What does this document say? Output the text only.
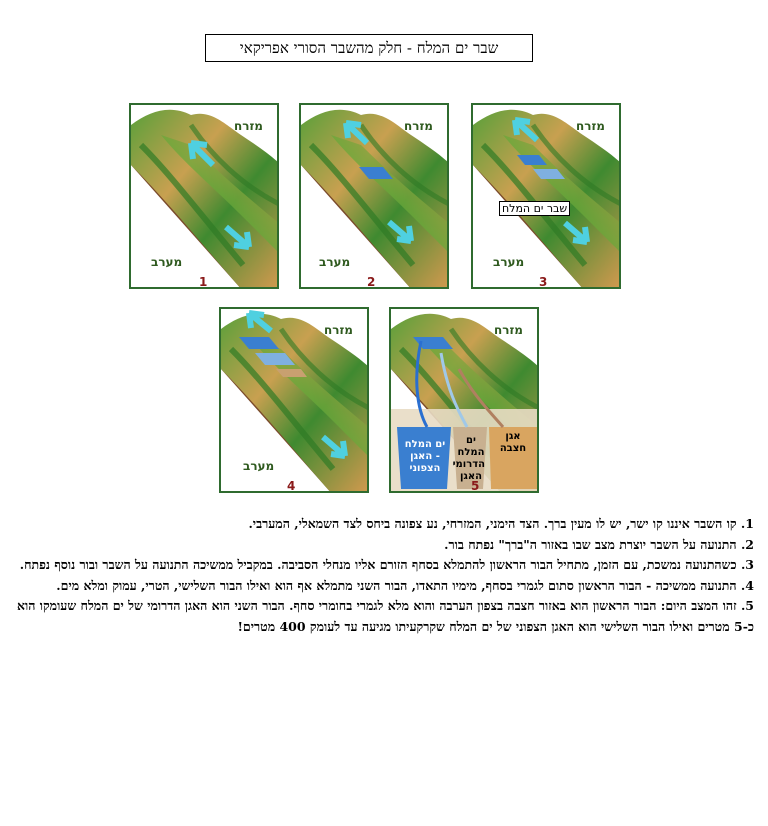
שבר ים המלח - חלק מהשבר הסורי אפריקאי
מזרח
מערב
1
מזרח
מערב
2
מזרח
שבר ים המלח
מערב
3
מזרח
מערב
4
מזרח
ים המלח - האגן הצפוני
ים המלח הדרומי האגן
אגן חצבה
5

1. קו השבר איננו קו ישר, יש לו מעין ברך. הצד הימני, המזרחי, נע צפונה ביחס לצד השמאלי, המערבי.

2. התנועה על השבר יוצרת מצב שבו באזור ה"ברך" נפתח בור.

3. כשהתנועה נמשכת, עם הזמן, מתחיל הבור הראשון להתמלא בסחף הזורם אליו מנחלי הסביבה. במקביל ממשיכה התנועה על השבר ובור נוסף נפתח.

4. התנועה ממשיכה - הבור הראשון סתום לגמרי בסחף, מימיו התאדו, הבור השני מתמלא אף הוא ואילו הבור השלישי, הטרי, עמוק ומלא מים.

5. זהו המצב היום: הבור הראשון הוא באזור חצבה בצפון הערבה והוא מלא לגמרי בחומרי סחף. הבור השני הוא האגן הדרומי של ים המלח שעומקו הוא כ-5 מטרים ואילו הבור השלישי הוא האגן הצפוני של ים המלח שקרקעיתו מגיעה עד לעומק 400 מטרים!
